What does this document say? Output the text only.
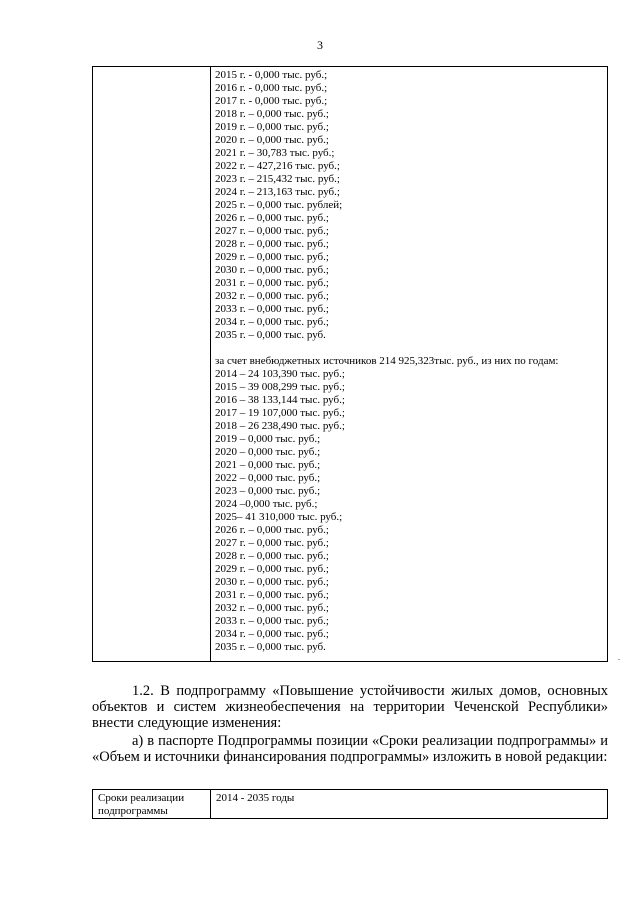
3
2015 г. - 0,000 тыс. руб.;
2016 г. - 0,000 тыс. руб.;
2017 г. - 0,000 тыс. руб.;
2018 г. – 0,000 тыс. руб.;
2019 г. – 0,000 тыс. руб.;
2020 г. – 0,000 тыс. руб.;
2021 г. – 30,783 тыс. руб.;
2022 г. – 427,216 тыс. руб.;
2023 г. – 215,432 тыс. руб.;
2024 г. – 213,163 тыс. руб.;
2025 г. – 0,000 тыс. рублей;
2026 г. – 0,000 тыс. руб.;
2027 г. – 0,000 тыс. руб.;
2028 г. – 0,000 тыс. руб.;
2029 г. – 0,000 тыс. руб.;
2030 г. – 0,000 тыс. руб.;
2031 г. – 0,000 тыс. руб.;
2032 г. – 0,000 тыс. руб.;
2033 г. – 0,000 тыс. руб.;
2034 г. – 0,000 тыс. руб.;
2035 г. – 0,000 тыс. руб.
за счет внебюджетных источников 214 925,323тыс. руб., из них по годам:
2014 – 24 103,390 тыс. руб.;
2015 – 39 008,299 тыс. руб.;
2016 – 38 133,144 тыс. руб.;
2017 – 19 107,000 тыс. руб.;
2018 – 26 238,490 тыс. руб.;
2019 – 0,000 тыс. руб.;
2020 – 0,000 тыс. руб.;
2021 – 0,000 тыс. руб.;
2022 – 0,000 тыс. руб.;
2023 – 0,000 тыс. руб.;
2024 –0,000 тыс. руб.;
2025– 41 310,000 тыс. руб.;
2026 г. – 0,000 тыс. руб.;
2027 г. – 0,000 тыс. руб.;
2028 г. – 0,000 тыс. руб.;
2029 г. – 0,000 тыс. руб.;
2030 г. – 0,000 тыс. руб.;
2031 г. – 0,000 тыс. руб.;
2032 г. – 0,000 тыс. руб.;
2033 г. – 0,000 тыс. руб.;
2034 г. – 0,000 тыс. руб.;
2035 г. – 0,000 тыс. руб.
.
1.2. В подпрограмму «Повышение устойчивости жилых домов, основных объектов и систем жизнеобеспечения на территории Чеченской Республики» внести следующие изменения:
а) в паспорте Подпрограммы позиции «Сроки реализации подпрограммы» и «Объем и источники финансирования подпрограммы» изложить в новой редакции:
Сроки реализации подпрограммы
2014 - 2035 годы
